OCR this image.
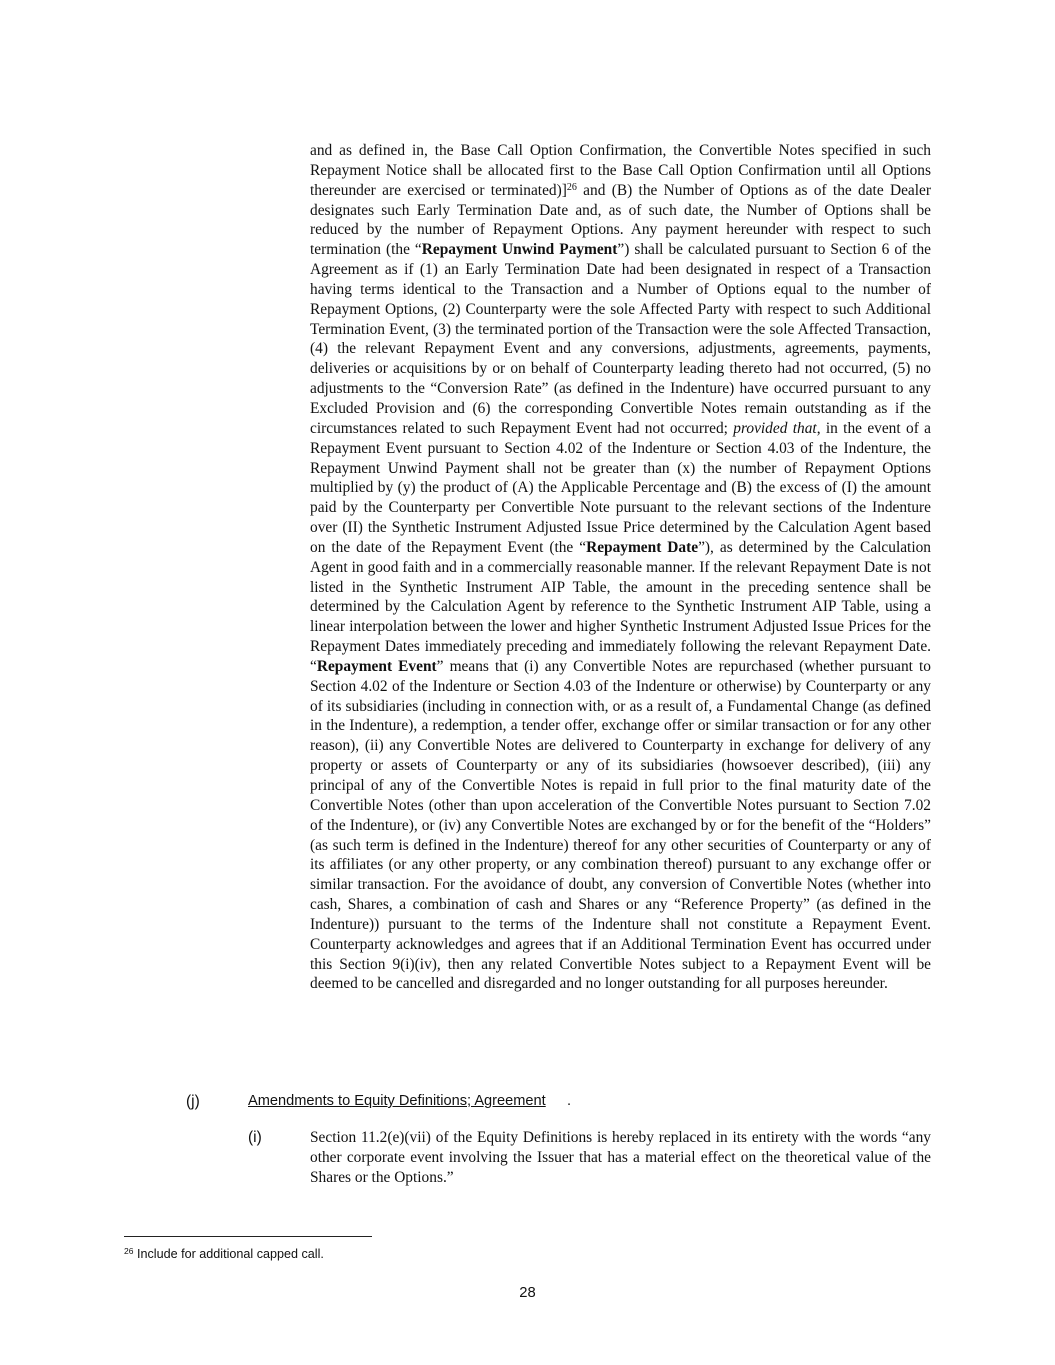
and as defined in, the Base Call Option Confirmation, the Convertible Notes specified in such Repayment Notice shall be allocated first to the Base Call Option Confirmation until all Options thereunder are exercised or terminated)]$^{26}$ and (B) the Number of Options as of the date Dealer designates such Early Termination Date and, as of such date, the Number of Options shall be reduced by the number of Repayment Options. Any payment hereunder with respect to such termination (the “Repayment Unwind Payment”) shall be calculated pursuant to Section 6 of the Agreement as if (1) an Early Termination Date had been designated in respect of a Transaction having terms identical to the Transaction and a Number of Options equal to the number of Repayment Options, (2) Counterparty were the sole Affected Party with respect to such Additional Termination Event, (3) the terminated portion of the Transaction were the sole Affected Transaction, (4) the relevant Repayment Event and any conversions, adjustments, agreements, payments, deliveries or acquisitions by or on behalf of Counterparty leading thereto had not occurred, (5) no adjustments to the “Conversion Rate” (as defined in the Indenture) have occurred pursuant to any Excluded Provision and (6) the corresponding Convertible Notes remain outstanding as if the circumstances related to such Repayment Event had not occurred; provided that, in the event of a Repayment Event pursuant to Section 4.02 of the Indenture or Section 4.03 of the Indenture, the Repayment Unwind Payment shall not be greater than (x) the number of Repayment Options multiplied by (y) the product of (A) the Applicable Percentage and (B) the excess of (I) the amount paid by the Counterparty per Convertible Note pursuant to the relevant sections of the Indenture over (II) the Synthetic Instrument Adjusted Issue Price determined by the Calculation Agent based on the date of the Repayment Event (the “Repayment Date”), as determined by the Calculation Agent in good faith and in a commercially reasonable manner. If the relevant Repayment Date is not listed in the Synthetic Instrument AIP Table, the amount in the preceding sentence shall be determined by the Calculation Agent by reference to the Synthetic Instrument AIP Table, using a linear interpolation between the lower and higher Synthetic Instrument Adjusted Issue Prices for the Repayment Dates immediately preceding and immediately following the relevant Repayment Date. “Repayment Event” means that (i) any Convertible Notes are repurchased (whether pursuant to Section 4.02 of the Indenture or Section 4.03 of the Indenture or otherwise) by Counterparty or any of its subsidiaries (including in connection with, or as a result of, a Fundamental Change (as defined in the Indenture), a redemption, a tender offer, exchange offer or similar transaction or for any other reason), (ii) any Convertible Notes are delivered to Counterparty in exchange for delivery of any property or assets of Counterparty or any of its subsidiaries (howsoever described), (iii) any principal of any of the Convertible Notes is repaid in full prior to the final maturity date of the Convertible Notes (other than upon acceleration of the Convertible Notes pursuant to Section 7.02 of the Indenture), or (iv) any Convertible Notes are exchanged by or for the benefit of the “Holders” (as such term is defined in the Indenture) thereof for any other securities of Counterparty or any of its affiliates (or any other property, or any combination thereof) pursuant to any exchange offer or similar transaction. For the avoidance of doubt, any conversion of Convertible Notes (whether into cash, Shares, a combination of cash and Shares or any “Reference Property” (as defined in the Indenture)) pursuant to the terms of the Indenture shall not constitute a Repayment Event. Counterparty acknowledges and agrees that if an Additional Termination Event has occurred under this Section 9(i)(iv), then any related Convertible Notes subject to a Repayment Event will be deemed to be cancelled and disregarded and no longer outstanding for all purposes hereunder.

(j)	Amendments to Equity Definitions; Agreement .
(i)	Section 11.2(e)(vii) of the Equity Definitions is hereby replaced in its entirety with the words “any other corporate event involving the Issuer that has a material effect on the theoretical value of the Shares or the Options.”

$^{26}$ Include for additional capped call.
28
